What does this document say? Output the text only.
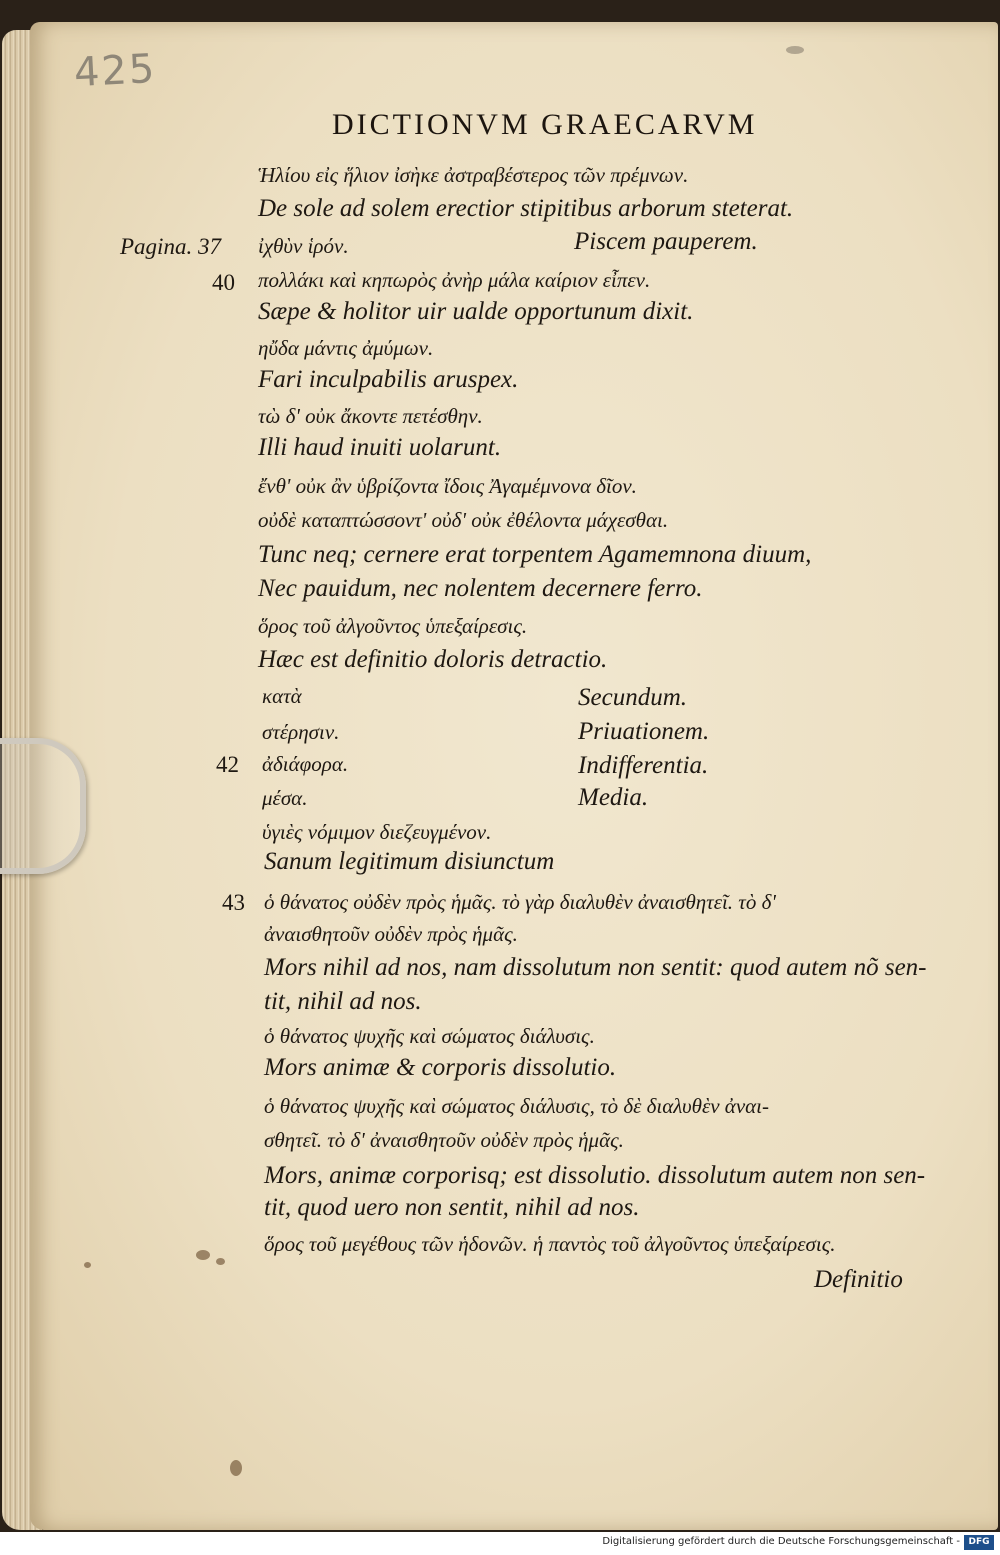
425
DICTIONVM GRAECARVM
Ἡλίου εἰς ἥλιον ἰσὴκε ἀστραβέστερος τῶν πρέμνων.
De sole ad solem erectior stipitibus arborum steterat.
Pagina. 37 ἰχθὺν ἱρόν.	Piscem pauperem.
40 πολλάκι καὶ κηπωρὸς ἀνὴρ μάλα καίριον εἶπεν.
Sæpe & holitor uir ualde opportunum dixit.
ηὔδα μάντις ἀμύμων.
Fari inculpabilis aruspex.
τὼ δ' οὐκ ἄκοντε πετέσθην.
Illi haud inuiti uolarunt.
ἔνθ' οὐκ ἂν ὑβρίζοντα ἴδοις Ἀγαμέμνονα δῖον.
οὐδὲ καταπτώσσοντ' οὐδ' οὐκ ἐθέλοντα μάχεσθαι.
Tunc neq; cernere erat torpentem Agamemnona diuum,
Nec pauidum, nec nolentem decernere ferro.
ὅρος τοῦ ἀλγοῦντος ὑπεξαίρεσις.
Hæc est definitio doloris detractio.
κατὰ	Secundum.
στέρησιν.	Priuationem.
42 ἀδιάφορα.	Indifferentia.
μέσα.	Media.
ὑγιὲς νόμιμον διεζευγμένον.
Sanum legitimum disiunctum
43 ὁ θάνατος οὐδὲν πρὸς ἡμᾶς. τὸ γὰρ διαλυθὲν ἀναισθητεῖ. τὸ δ'
ἀναισθητοῦν οὐδὲν πρὸς ἡμᾶς.
Mors nihil ad nos, nam dissolutum non sentit: quod autem nõ sen-
tit, nihil ad nos.
ὁ θάνατος ψυχῆς καὶ σώματος διάλυσις.
Mors animæ & corporis dissolutio.
ὁ θάνατος ψυχῆς καὶ σώματος διάλυσις, τὸ δὲ διαλυθὲν ἀναι-
σθητεῖ. τὸ δ' ἀναισθητοῦν οὐδὲν πρὸς ἡμᾶς.
Mors, animæ corporisq; est dissolutio. dissolutum autem non sen-
tit, quod uero non sentit, nihil ad nos.
ὅρος τοῦ μεγέθους τῶν ἡδονῶν. ἡ παντὸς τοῦ ἀλγοῦντος ὑπεξαίρεσις.
Definitio
Digitalisierung gefördert durch die Deutsche Forschungsgemeinschaft - DFG
